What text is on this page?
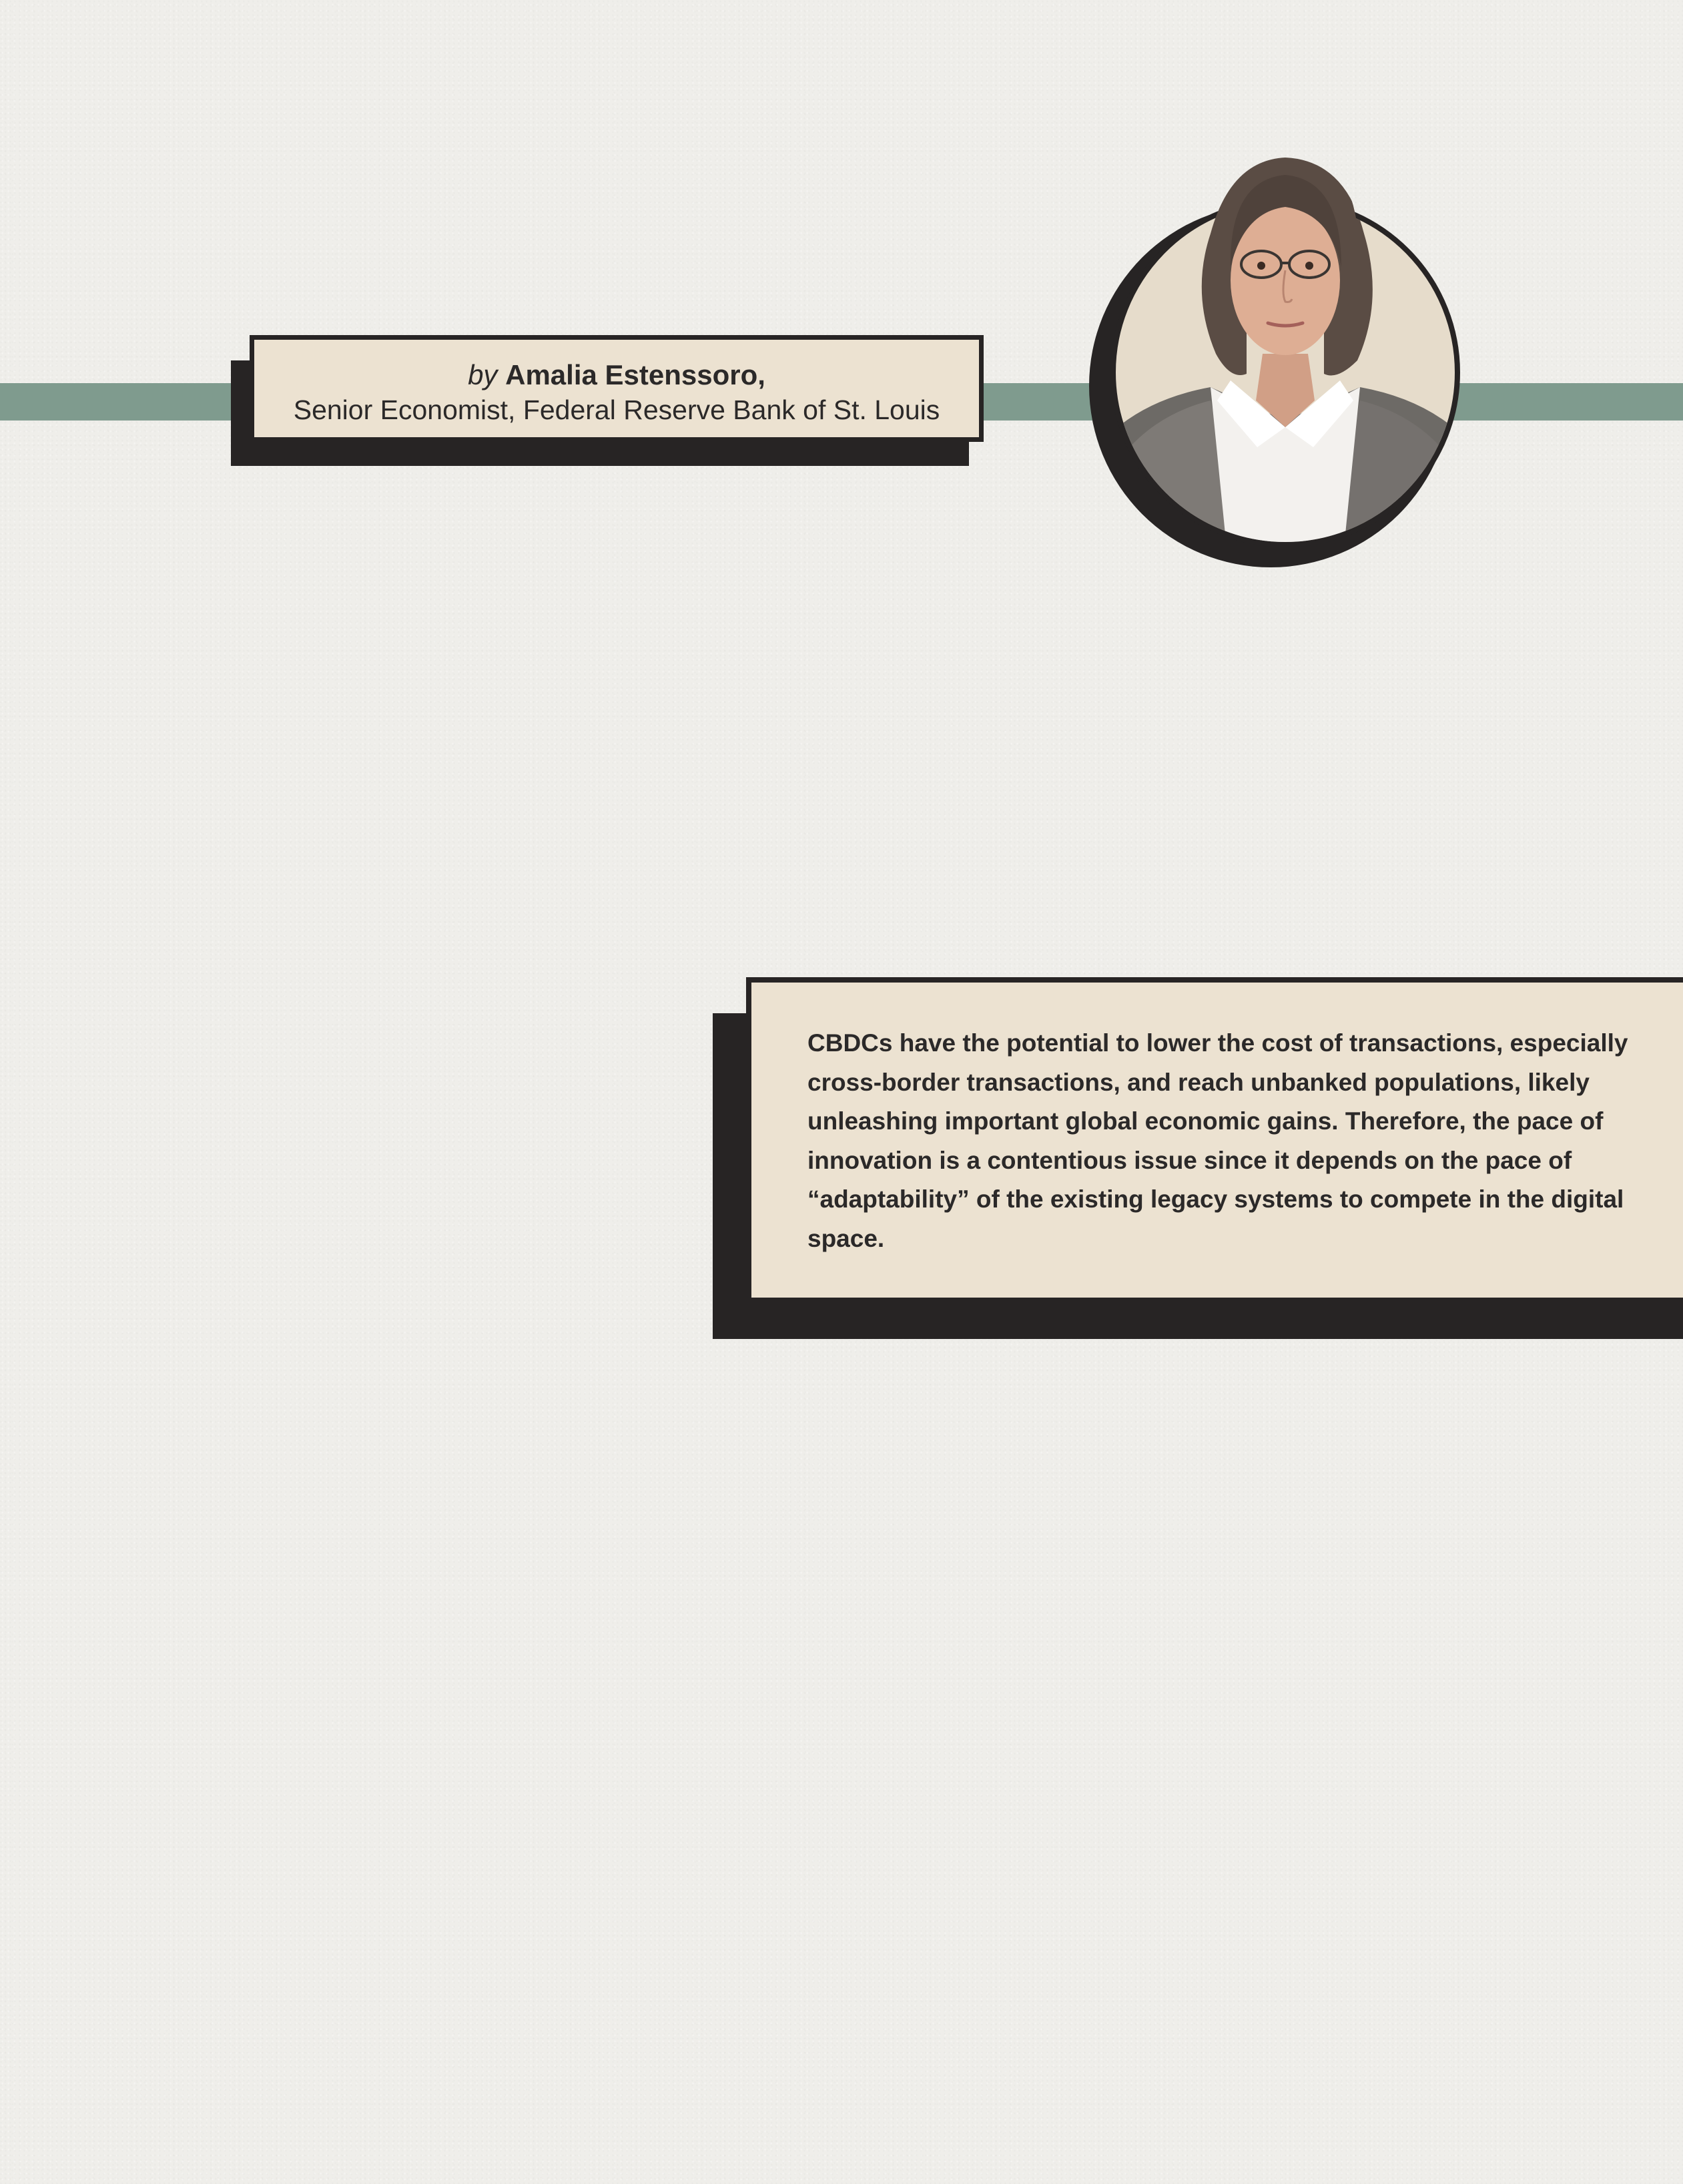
by Amalia Estenssoro,
Senior Economist, Federal Reserve Bank of St. Louis
CBDCs have the potential to lower the cost of transactions, especially cross-border transactions, and reach unbanked populations, likely unleashing important global economic gains. Therefore, the pace of innovation is a contentious issue since it depends on the pace of “adaptability” of the existing legacy systems to compete in the digital space.
